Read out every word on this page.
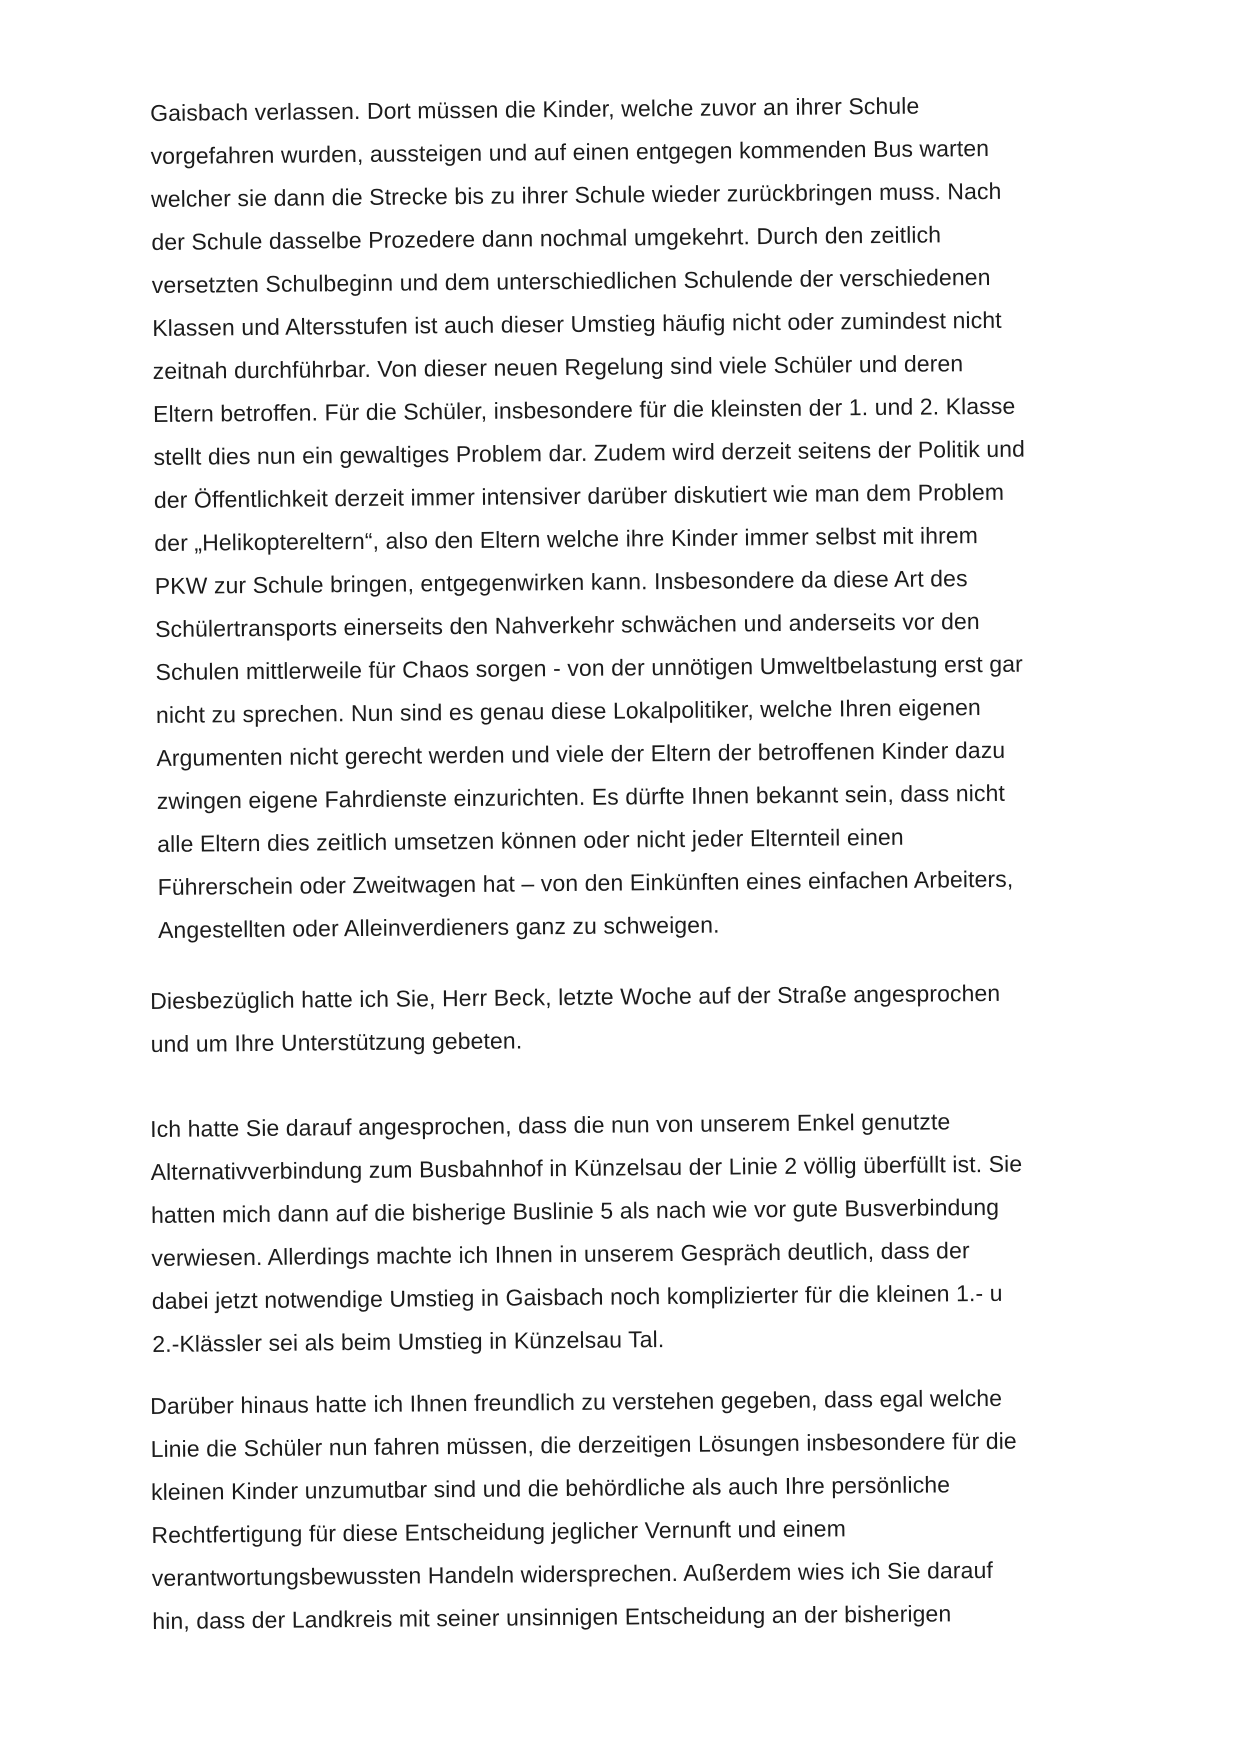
Gaisbach verlassen. Dort müssen die Kinder, welche zuvor an ihrer Schule
vorgefahren wurden, aussteigen und auf einen entgegen kommenden Bus warten
welcher sie dann die Strecke bis zu ihrer Schule wieder zurückbringen muss. Nach
der Schule dasselbe Prozedere dann nochmal umgekehrt. Durch den zeitlich
versetzten Schulbeginn und dem unterschiedlichen Schulende der verschiedenen
Klassen und Altersstufen ist auch dieser Umstieg häufig nicht oder zumindest nicht
zeitnah durchführbar. Von dieser neuen Regelung sind viele Schüler und deren
Eltern betroffen. Für die Schüler, insbesondere für die kleinsten der 1. und 2. Klasse
stellt dies nun ein gewaltiges Problem dar. Zudem wird derzeit seitens der Politik und
der Öffentlichkeit derzeit immer intensiver darüber diskutiert wie man dem Problem
der „Helikoptereltern“, also den Eltern welche ihre Kinder immer selbst mit ihrem
PKW zur Schule bringen, entgegenwirken kann. Insbesondere da diese Art des
Schülertransports einerseits den Nahverkehr schwächen und anderseits vor den
Schulen mittlerweile für Chaos sorgen - von der unnötigen Umweltbelastung erst gar
nicht zu sprechen. Nun sind es genau diese Lokalpolitiker, welche Ihren eigenen
Argumenten nicht gerecht werden und viele der Eltern der betroffenen Kinder dazu
zwingen eigene Fahrdienste einzurichten. Es dürfte Ihnen bekannt sein, dass nicht
alle Eltern dies zeitlich umsetzen können oder nicht jeder Elternteil einen
Führerschein oder Zweitwagen hat – von den Einkünften eines einfachen Arbeiters,
Angestellten oder Alleinverdieners ganz zu schweigen.
Diesbezüglich hatte ich Sie, Herr Beck, letzte Woche auf der Straße angesprochen
und um Ihre Unterstützung gebeten.
Ich hatte Sie darauf angesprochen, dass die nun von unserem Enkel genutzte
Alternativverbindung zum Busbahnhof in Künzelsau der Linie 2 völlig überfüllt ist. Sie
hatten mich dann auf die bisherige Buslinie 5 als nach wie vor gute Busverbindung
verwiesen. Allerdings machte ich Ihnen in unserem Gespräch deutlich, dass der
dabei jetzt notwendige Umstieg in Gaisbach noch komplizierter für die kleinen 1.- u
2.-Klässler sei als beim Umstieg in Künzelsau Tal.
Darüber hinaus hatte ich Ihnen freundlich zu verstehen gegeben, dass egal welche
Linie die Schüler nun fahren müssen, die derzeitigen Lösungen insbesondere für die
kleinen Kinder unzumutbar sind und die behördliche als auch Ihre persönliche
Rechtfertigung für diese Entscheidung jeglicher Vernunft und einem
verantwortungsbewussten Handeln widersprechen. Außerdem wies ich Sie darauf
hin, dass der Landkreis mit seiner unsinnigen Entscheidung an der bisherigen
